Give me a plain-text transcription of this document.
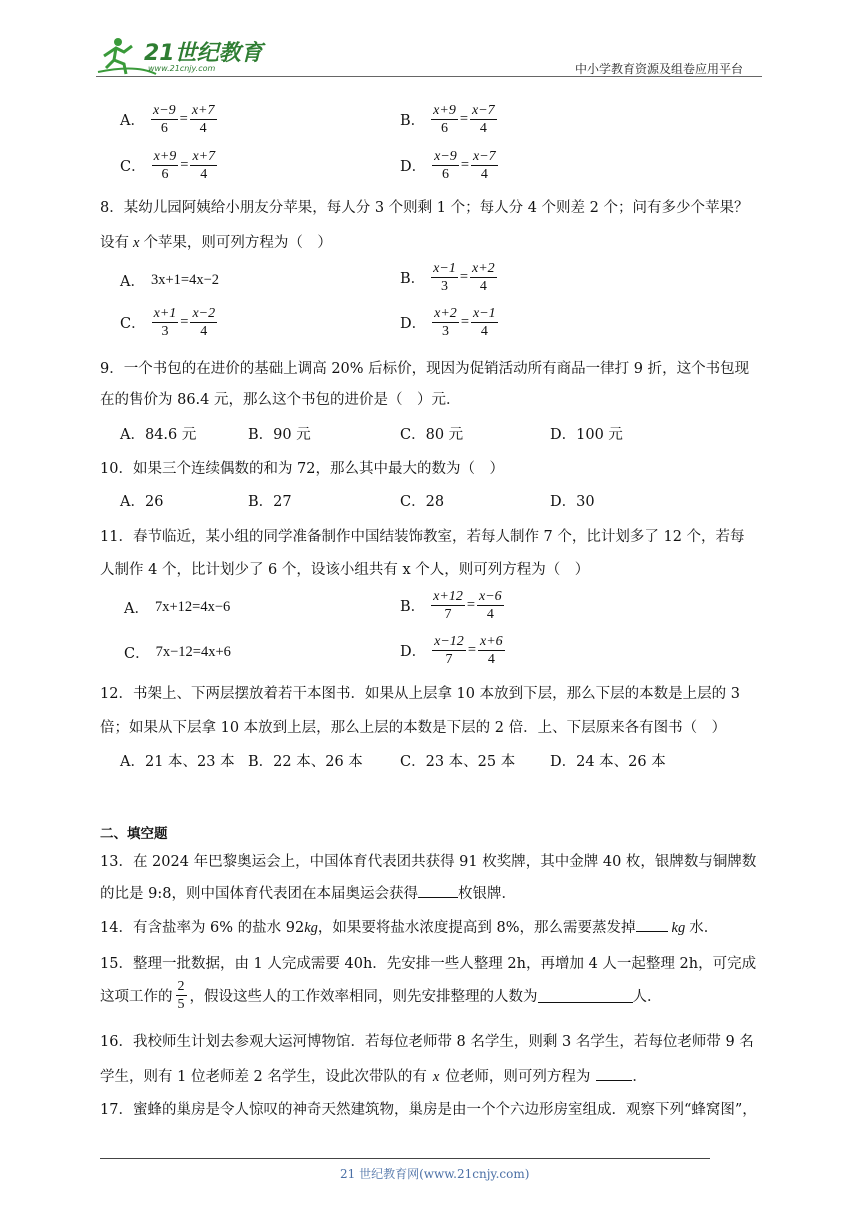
21世纪教育
www.21cnjy.com	中小学教育资源及组卷应用平台
A． $\frac{x-9}{6} = \frac{x+7}{4}$	B． $\frac{x+9}{6} = \frac{x-7}{4}$
C． $\frac{x+9}{6} = \frac{x+7}{4}$	D． $\frac{x-9}{6} = \frac{x-7}{4}$
8．某幼儿园阿姨给小朋友分苹果，每人分 3 个则剩 1 个；每人分 4 个则差 2 个；问有多少个苹果？
设有 x 个苹果，则可列方程为（　）
A． 3x+1=4x−2	B． $\frac{x-1}{3} = \frac{x+2}{4}$
C． $\frac{x+1}{3} = \frac{x-2}{4}$	D． $\frac{x+2}{3} = \frac{x-1}{4}$
9．一个书包的在进价的基础上调高 20% 后标价，现因为促销活动所有商品一律打 9 折，这个书包现
在的售价为 86.4 元，那么这个书包的进价是（　）元．
A．84.6 元	B．90 元	C．80 元	D．100 元
10．如果三个连续偶数的和为 72，那么其中最大的数为（　）
A．26	B．27	C．28	D．30
11．春节临近，某小组的同学准备制作中国结装饰教室，若每人制作 7 个，比计划多了 12 个，若每
人制作 4 个，比计划少了 6 个，设该小组共有 x 个人，则可列方程为（　）
A． 7x+12=4x−6	B． $\frac{x+12}{7} = \frac{x-6}{4}$
C． 7x−12=4x+6	D． $\frac{x-12}{7} = \frac{x+6}{4}$
12．书架上、下两层摆放着若干本图书．如果从上层拿 10 本放到下层，那么下层的本数是上层的 3
倍；如果从下层拿 10 本放到上层，那么上层的本数是下层的 2 倍．上、下层原来各有图书（　）
A．21 本、23 本 B．22 本、26 本	C．23 本、25 本 D．24 本、26 本
二、填空题
13．在 2024 年巴黎奥运会上，中国体育代表团共获得 91 枚奖牌，其中金牌 40 枚，银牌数与铜牌数
的比是 9:8，则中国体育代表团在本届奥运会获得	枚银牌．
14．有含盐率为 6% 的盐水 92kg，如果要将盐水浓度提高到 8%，那么需要蒸发掉 kg 水．
15．整理一批数据，由 1 人完成需要 40h．先安排一些人整理 2h，再增加 4 人一起整理 2h，可完成
这项工作的 $\frac{2}{5}$ ，假设这些人的工作效率相同，则先安排整理的人数为	人．
16．我校师生计划去参观大运河博物馆．若每位老师带 8 名学生，则剩 3 名学生，若每位老师带 9 名
学生，则有 1 位老师差 2 名学生，设此次带队的有 x 位老师，则可列方程为	．
17．蜜蜂的巢房是令人惊叹的神奇天然建筑物，巢房是由一个个六边形房室组成．观察下列“蜂窝图”，
21 世纪教育网(www.21cnjy.com)
